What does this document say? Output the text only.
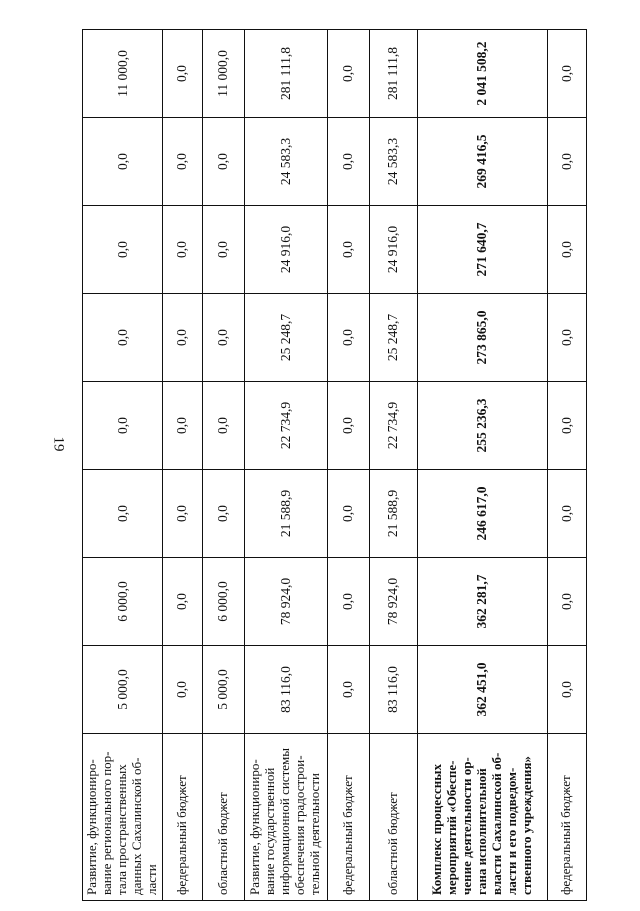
19
Развитие, функциониро-вание регионального пор-тала пространственных данных Сахалинской об-ласти	5 000,0	6 000,0	0,0	0,0	0,0	0,0	0,0	11 000,0
федеральный бюджет	0,0	0,0	0,0	0,0	0,0	0,0	0,0	0,0
областной бюджет	5 000,0	6 000,0	0,0	0,0	0,0	0,0	0,0	11 000,0
Развитие, функциониро-вание государственной информационной системы обеспечения градострои-тельной деятельности	83 116,0	78 924,0	21 588,9	22 734,9	25 248,7	24 916,0	24 583,3	281 111,8
федеральный бюджет	0,0	0,0	0,0	0,0	0,0	0,0	0,0	0,0
областной бюджет	83 116,0	78 924,0	21 588,9	22 734,9	25 248,7	24 916,0	24 583,3	281 111,8
Комплекс процессных мероприятий «Обеспе-чение деятельности ор-гана исполнительной власти Сахалинской об-ласти и его подведом-ственного учреждения»	362 451,0	362 281,7	246 617,0	255 236,3	273 865,0	271 640,7	269 416,5	2 041 508,2
федеральный бюджет	0,0	0,0	0,0	0,0	0,0	0,0	0,0	0,0
